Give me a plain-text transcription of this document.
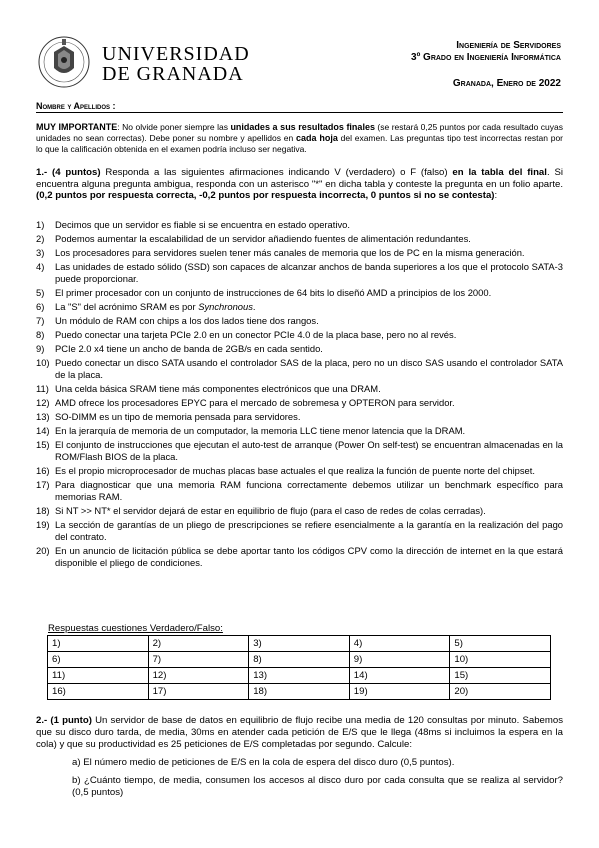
UNIVERSIDAD
DE GRANADA
Ingeniería de Servidores
3º Grado en Ingeniería Informática
Granada, Enero de 2022
Nombre y Apellidos :
MUY IMPORTANTE: No olvide poner siempre las unidades a sus resultados finales (se restará 0,25 puntos por cada resultado cuyas unidades no sean correctas). Debe poner su nombre y apellidos en cada hoja del examen. Las preguntas tipo test incorrectas restan por lo que la calificación obtenida en el examen podría incluso ser negativa.
1.- (4 puntos) Responda a las siguientes afirmaciones indicando V (verdadero) o F (falso) en la tabla del final. Si encuentra alguna pregunta ambigua, responda con un asterisco "*" en dicha tabla y conteste la pregunta en un folio aparte. (0,2 puntos por respuesta correcta, -0,2 puntos por respuesta incorrecta, 0 puntos si no se contesta):
1)	Decimos que un servidor es fiable si se encuentra en estado operativo.
2)	Podemos aumentar la escalabilidad de un servidor añadiendo fuentes de alimentación redundantes.
3)	Los procesadores para servidores suelen tener más canales de memoria que los de PC en la misma generación.
4)	Las unidades de estado sólido (SSD) son capaces de alcanzar anchos de banda superiores a los que el protocolo SATA-3 puede proporcionar.
5)	El primer procesador con un conjunto de instrucciones de 64 bits lo diseñó AMD a principios de los 2000.
6)	La "S" del acrónimo SRAM es por Synchronous.
7)	Un módulo de RAM con chips a los dos lados tiene dos rangos.
8)	Puedo conectar una tarjeta PCIe 2.0 en un conector PCIe 4.0 de la placa base, pero no al revés.
9)	PCIe 2.0 x4 tiene un ancho de banda de 2GB/s en cada sentido.
10) Puedo conectar un disco SATA usando el controlador SAS de la placa, pero no un disco SAS usando el controlador SATA de la placa.
11) Una celda básica SRAM tiene más componentes electrónicos que una DRAM.
12) AMD ofrece los procesadores EPYC para el mercado de sobremesa y OPTERON para servidor.
13) SO-DIMM es un tipo de memoria pensada para servidores.
14) En la jerarquía de memoria de un computador, la memoria LLC tiene menor latencia que la DRAM.
15) El conjunto de instrucciones que ejecutan el auto-test de arranque (Power On self-test) se encuentran almacenadas en la ROM/Flash BIOS de la placa.
16) Es el propio microprocesador de muchas placas base actuales el que realiza la función de puente norte del chipset.
17) Para diagnosticar que una memoria RAM funciona correctamente debemos utilizar un benchmark específico para memorias RAM.
18) Si NT >> NT* el servidor dejará de estar en equilibrio de flujo (para el caso de redes de colas cerradas).
19) La sección de garantías de un pliego de prescripciones se refiere esencialmente a la garantía en la realización del pago del contrato.
20) En un anuncio de licitación pública se debe aportar tanto los códigos CPV como la dirección de internet en la que estará disponible el pliego de condiciones.
Respuestas cuestiones Verdadero/Falso:
1)	2)	3)	4)	5)
6)	7)	8)	9)	10)
11)	12)	13)	14)	15)
16)	17)	18)	19)	20)
2.- (1 punto) Un servidor de base de datos en equilibrio de flujo recibe una media de 120 consultas por minuto. Sabemos que su disco duro tarda, de media, 30ms en atender cada petición de E/S que le llega (48ms si incluimos la espera en la cola) y que su productividad es 25 peticiones de E/S completadas por segundo. Calcule:
a) El número medio de peticiones de E/S en la cola de espera del disco duro (0,5 puntos).
b) ¿Cuánto tiempo, de media, consumen los accesos al disco duro por cada consulta que se realiza al servidor? (0,5 puntos)
